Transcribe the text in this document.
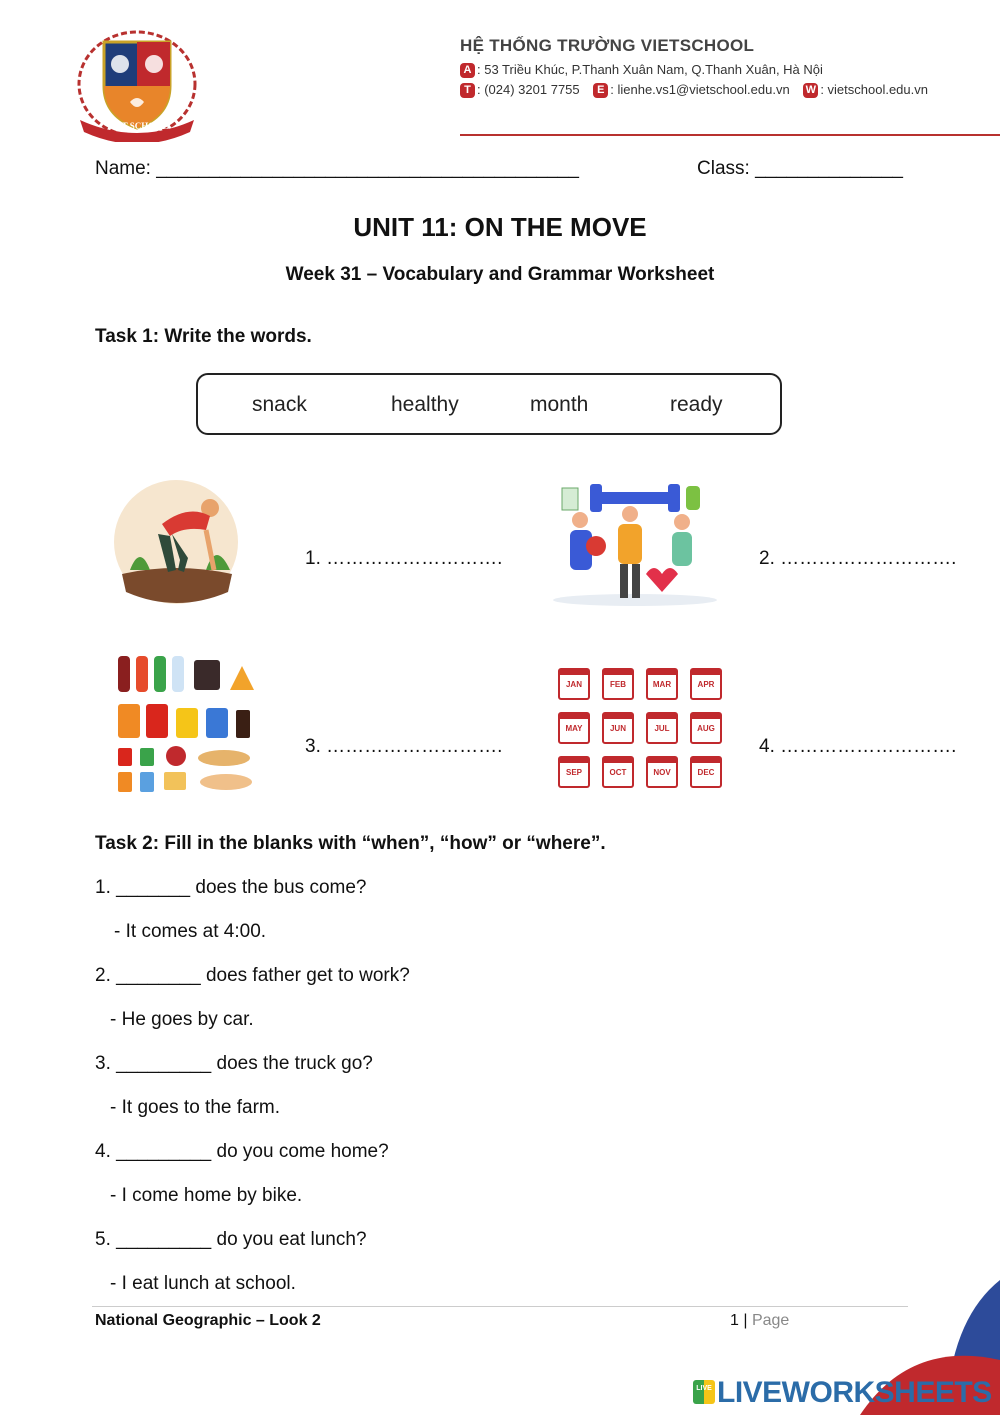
VIET SCHOOL
HỆ THỐNG TRƯỜNG VIETSCHOOL
A : 53 Triều Khúc, P.Thanh Xuân Nam, Q.Thanh Xuân, Hà Nội
T : (024) 3201 7755 E : lienhe.vs1@vietschool.edu.vn W : vietschool.edu.vn
Name: ________________________________________	Class: ______________
UNIT 11: ON THE MOVE
Week 31 – Vocabulary and Grammar Worksheet
Task 1: Write the words.
snack	healthy	month	ready
1. ……………………….	2. ……………………….
3. ……………………….
JAN	FEB	MAR	APR
MAY	JUN	JUL	AUG
SEP	OCT	NOV	DEC
4. ……………………….
Task 2: Fill in the blanks with “when”, “how” or “where”.
1. _______ does the bus come?
- It comes at 4:00.
2. ________ does father get to work?
- He goes by car.
3. _________ does the truck go?
- It goes to the farm.
4. _________ do you come home?
- I come home by bike.
5. _________ do you eat lunch?
- I eat lunch at school.
National Geographic – Look 2	1 | Page
LIVE LIVEWORKSHEETS
